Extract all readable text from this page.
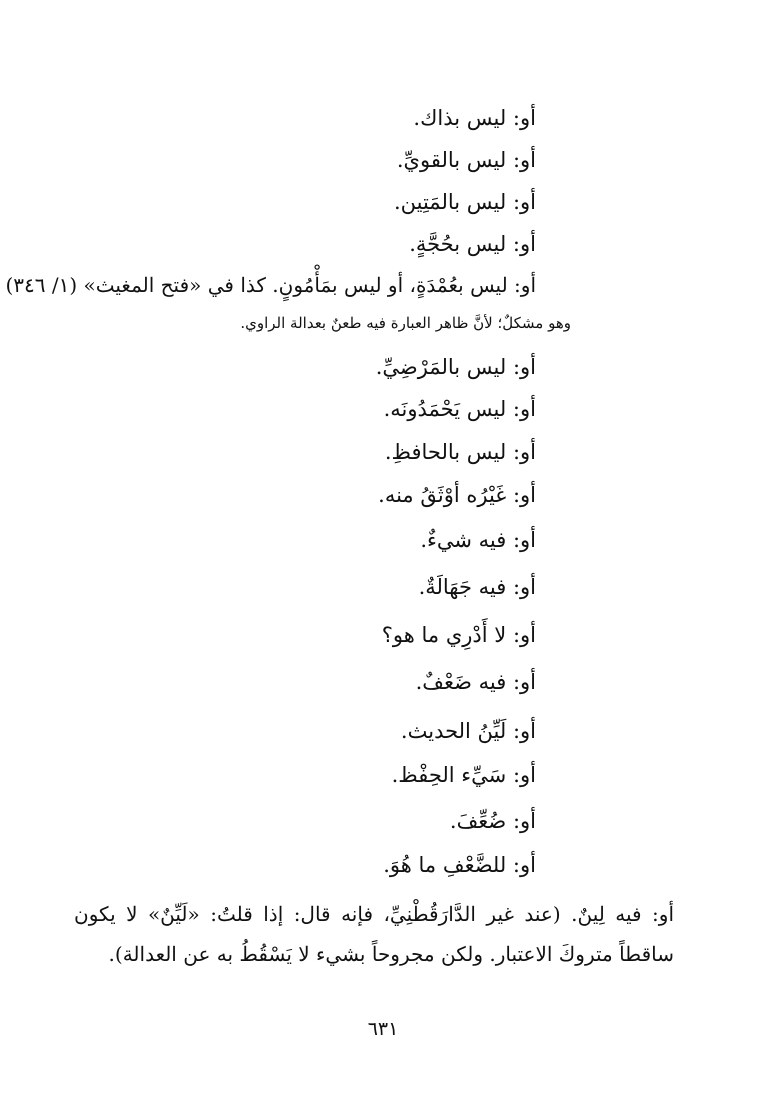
أو: ليس بذاك.
أو: ليس بالقويِّ.
أو: ليس بالمَتِين.
أو: ليس بحُجَّةٍ.
أو: ليس بعُمْدَةٍ، أو ليس بمَأْمُونٍ. كذا في «فتح المغيث» (١/ ٣٤٦)
وهو مشكلٌ؛ لأنَّ ظاهر العبارة فيه طعنٌ بعدالة الراوي.
أو: ليس بالمَرْضِيِّ.
أو: ليس يَحْمَدُونَه.
أو: ليس بالحافظِ.
أو: غَيْرُه أوْثَقُ منه.
أو: فيه شيءٌ.
أو: فيه جَهَالَةٌ.
أو: لا أَدْرِي ما هو؟
أو: فيه ضَعْفٌ.
أو: لَيِّنُ الحديث.
أو: سَيِّء الحِفْظ.
أو: ضُعِّفَ.
أو: للضَّعْفِ ما هُوَ.
أو: فيه لِينٌ. (عند غير الدَّارَقُطْنِيِّ، فإنه قال: إذا قلتُ: «لَيِّنٌ» لا يكون ساقطاً متروكَ الاعتبار. ولكن مجروحاً بشيء لا يَسْقُطُ به عن العدالة).
٦٣١
